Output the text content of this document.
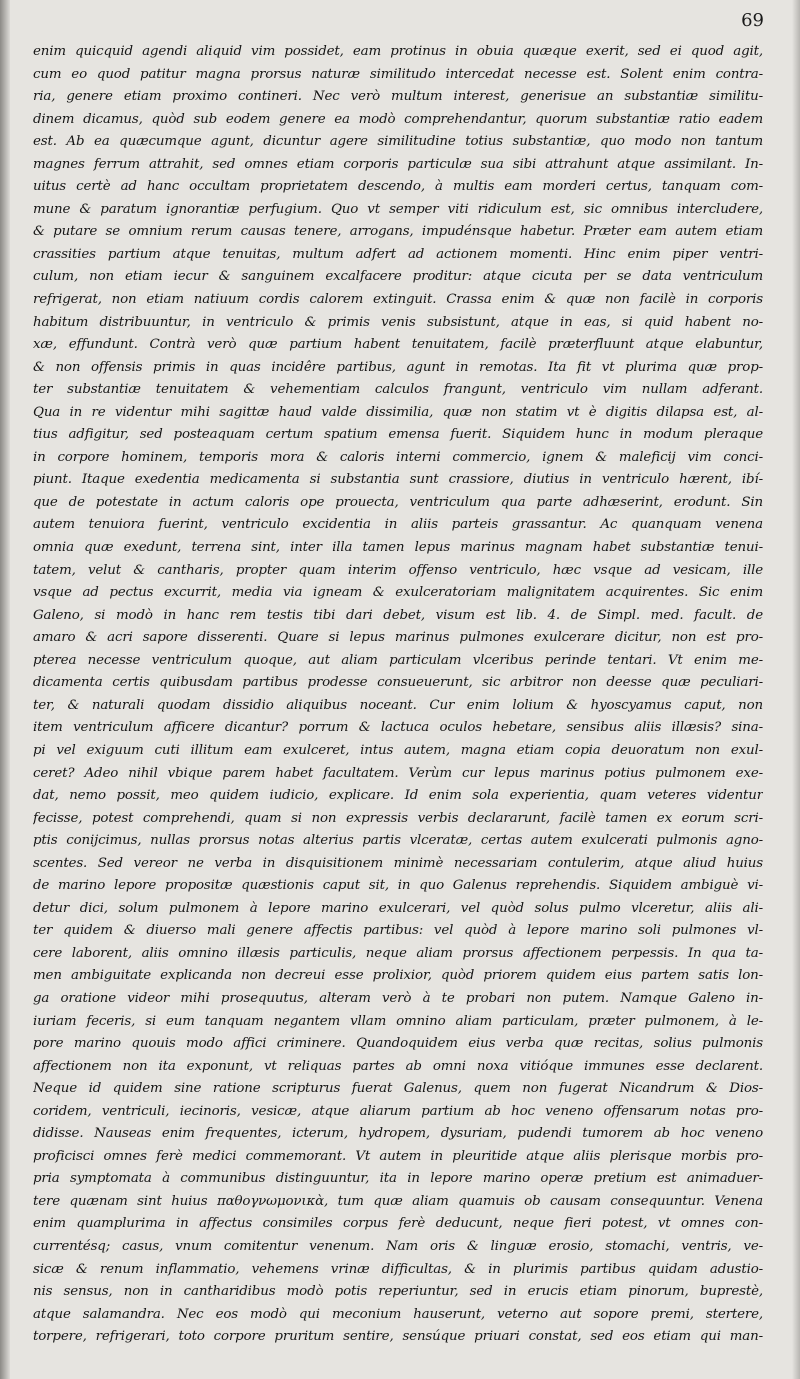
69
enim quicquid agendi aliquid vim possidet, eam protinus in obuia quæque exerit, sed ei quod agit,
cum eo quod patitur magna prorsus naturæ similitudo intercedat necesse est. Solent enim contra-
ria, genere etiam proximo contineri. Nec verò multum interest, generisue an substantiæ similitu-
dinem dicamus, quòd sub eodem genere ea modò comprehendantur, quorum substantiæ ratio eadem
est. Ab ea quæcumque agunt, dicuntur agere similitudine totius substantiæ, quo modo non tantum
magnes ferrum attrahit, sed omnes etiam corporis particulæ sua sibi attrahunt atque assimilant. In-
uitus certè ad hanc occultam proprietatem descendo, à multis eam morderi certus, tanquam com-
mune & paratum ignorantiæ perfugium. Quo vt semper viti ridiculum est, sic omnibus intercludere,
& putare se omnium rerum causas tenere, arrogans, impudénsque habetur. Præter eam autem etiam
crassities partium atque tenuitas, multum adfert ad actionem momenti. Hinc enim piper ventri-
culum, non etiam iecur & sanguinem excalfacere proditur: atque cicuta per se data ventriculum
refrigerat, non etiam natiuum cordis calorem extinguit. Crassa enim & quæ non facilè in corporis
habitum distribuuntur, in ventriculo & primis venis subsistunt, atque in eas, si quid habent no-
xæ, effundunt. Contrà verò quæ partium habent tenuitatem, facilè præterfluunt atque elabuntur,
& non offensis primis in quas incidêre partibus, agunt in remotas. Ita fit vt plurima quæ prop-
ter substantiæ tenuitatem & vehementiam calculos frangunt, ventriculo vim nullam adferant.
Qua in re videntur mihi sagittæ haud valde dissimilia, quæ non statim vt è digitis dilapsa est, al-
tius adfigitur, sed posteaquam certum spatium emensa fuerit. Siquidem hunc in modum pleraque
in corpore hominem, temporis mora & caloris interni commercio, ignem & maleficij vim conci-
piunt. Itaque exedentia medicamenta si substantia sunt crassiore, diutius in ventriculo hærent, ibí-
que de potestate in actum caloris ope prouecta, ventriculum qua parte adhæserint, erodunt. Sin
autem tenuiora fuerint, ventriculo excidentia in aliis parteis grassantur. Ac quanquam venena
omnia quæ exedunt, terrena sint, inter illa tamen lepus marinus magnam habet substantiæ tenui-
tatem, velut & cantharis, propter quam interim offenso ventriculo, hæc vsque ad vesicam, ille
vsque ad pectus excurrit, media via igneam & exulceratoriam malignitatem acquirentes. Sic enim
Galeno, si modò in hanc rem testis tibi dari debet, visum est lib. 4. de Simpl. med. facult. de
amaro & acri sapore disserenti. Quare si lepus marinus pulmones exulcerare dicitur, non est pro-
pterea necesse ventriculum quoque, aut aliam particulam vlceribus perinde tentari. Vt enim me-
dicamenta certis quibusdam partibus prodesse consueuerunt, sic arbitror non deesse quæ peculiari-
ter, & naturali quodam dissidio aliquibus noceant. Cur enim lolium & hyoscyamus caput, non
item ventriculum afficere dicantur? porrum & lactuca oculos hebetare, sensibus aliis illæsis? sina-
pi vel exiguum cuti illitum eam exulceret, intus autem, magna etiam copia deuoratum non exul-
ceret? Adeo nihil vbique parem habet facultatem. Verùm cur lepus marinus potius pulmonem exe-
dat, nemo possit, meo quidem iudicio, explicare. Id enim sola experientia, quam veteres videntur
fecisse, potest comprehendi, quam si non expressis verbis declararunt, facilè tamen ex eorum scri-
ptis conijcimus, nullas prorsus notas alterius partis vlceratæ, certas autem exulcerati pulmonis agno-
scentes. Sed vereor ne verba in disquisitionem minimè necessariam contulerim, atque aliud huius
de marino lepore propositæ quæstionis caput sit, in quo Galenus reprehendis. Siquidem ambiguè vi-
detur dici, solum pulmonem à lepore marino exulcerari, vel quòd solus pulmo vlceretur, aliis ali-
ter quidem & diuerso mali genere affectis partibus: vel quòd à lepore marino soli pulmones vl-
cere laborent, aliis omnino illæsis particulis, neque aliam prorsus affectionem perpessis. In qua ta-
men ambiguitate explicanda non decreui esse prolixior, quòd priorem quidem eius partem satis lon-
ga oratione videor mihi prosequutus, alteram verò à te probari non putem. Namque Galeno in-
iuriam feceris, si eum tanquam negantem vllam omnino aliam particulam, præter pulmonem, à le-
pore marino quouis modo affici criminere. Quandoquidem eius verba quæ recitas, solius pulmonis
affectionem non ita exponunt, vt reliquas partes ab omni noxa vitióque immunes esse declarent.
Neque id quidem sine ratione scripturus fuerat Galenus, quem non fugerat Nicandrum & Dios-
coridem, ventriculi, iecinoris, vesicæ, atque aliarum partium ab hoc veneno offensarum notas pro-
didisse. Nauseas enim frequentes, icterum, hydropem, dysuriam, pudendi tumorem ab hoc veneno
proficisci omnes ferè medici commemorant. Vt autem in pleuritide atque aliis plerisque morbis pro-
pria symptomata à communibus distinguuntur, ita in lepore marino operæ pretium est animaduer-
tere quænam sint huius παθογνωμονικὰ, tum quæ aliam quamuis ob causam consequuntur. Venena
enim quamplurima in affectus consimiles corpus ferè deducunt, neque fieri potest, vt omnes con-
currentésq; casus, vnum comitentur venenum. Nam oris & linguæ erosio, stomachi, ventris, ve-
sicæ & renum inflammatio, vehemens vrinæ difficultas, & in plurimis partibus quidam adustio-
nis sensus, non in cantharidibus modò potis reperiuntur, sed in erucis etiam pinorum, buprestè,
atque salamandra. Nec eos modò qui meconium hauserunt, veterno aut sopore premi, stertere,
torpere, refrigerari, toto corpore pruritum sentire, sensúque priuari constat, sed eos etiam qui man-
